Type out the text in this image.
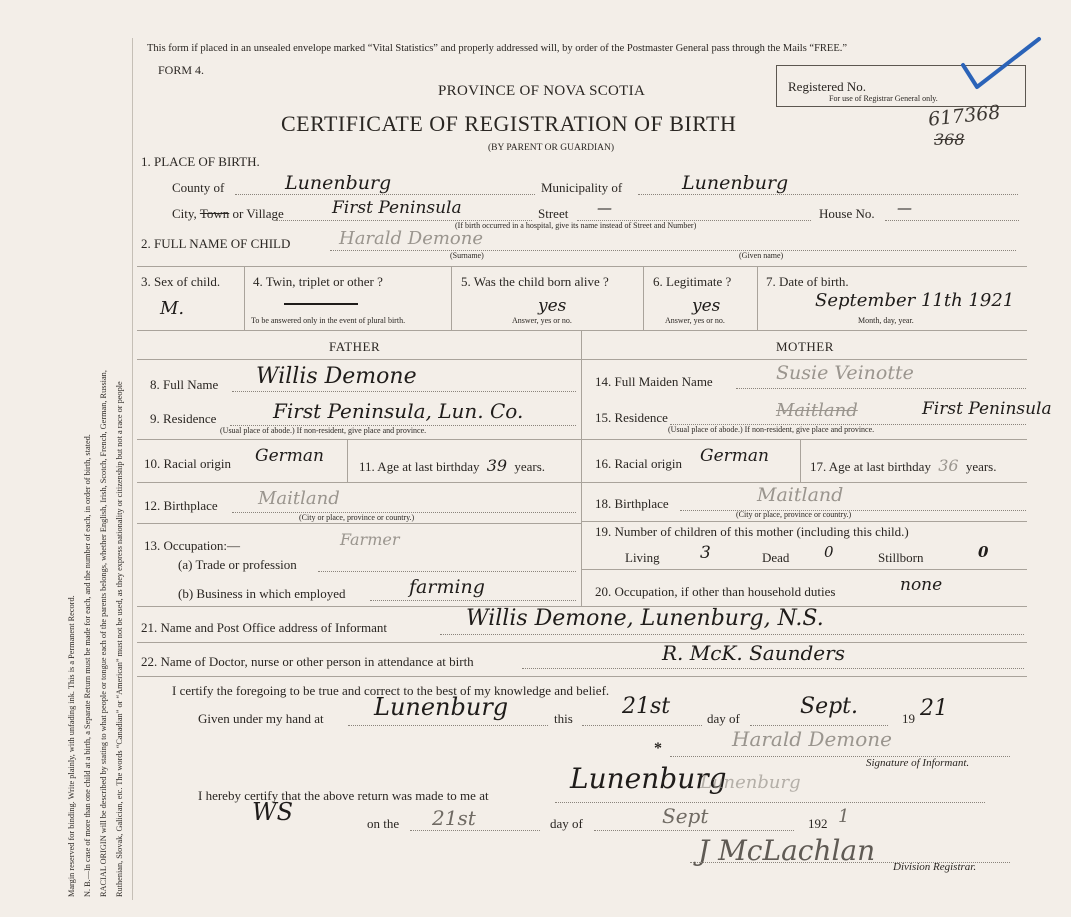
Margin reserved for binding. Write plainly, with unfading ink. This is a Permanent Record. N. B.—In case of more than one child at a birth, a Separate Return must be made for each, and the number of each, in order of birth, stated. RACIAL ORIGIN will be described by stating to what people or tongue each of the parents belongs, whether English, Irish, Scotch, French, German, Russian, Ruthenian, Slovak, Galician, etc. The words “Canadian” or “American” must not be used, as they express nationality or citizenship but not a race or people
This form if placed in an unsealed envelope marked “Vital Statistics” and properly addressed will, by order of the Postmaster General pass through the Mails “FREE.”
FORM 4.
PROVINCE OF NOVA SCOTIA
CERTIFICATE OF REGISTRATION OF BIRTH
(BY PARENT OR GUARDIAN)
Registered No.
For use of Registrar General only.
617368
368
1. PLACE OF BIRTH.
County of	Lunenburg	Municipality of	Lunenburg
City, Town or Village	First Peninsula	Street —
(If birth occurred in a hospital, give its name instead of Street and Number)
House No. —
2. FULL NAME OF CHILD	Harald Demone
(Surname)	(Given name)
3. Sex of child.
M.
4. Twin, triplet or other ?
To be answered only in the event of plural birth.
5. Was the child born alive ?
yes
Answer, yes or no.
6. Legitimate ?
yes
Answer, yes or no.
7. Date of birth.
September 11th 1921
Month, day, year.
FATHER	MOTHER
8. Full Name Willis Demone
9. Residence	First Peninsula, Lun. Co.
(Usual place of abode.) If non-resident, give place and province.
10. Racial origin German
11. Age at last birthday 39 years.
12. Birthplace Maitland
(City or place, province or country.)
13. Occupation:—	Farmer
(a) Trade or profession
(b) Business in which employed	farming
14. Full Maiden Name	Susie Veinotte
15. Residence	Maitland	First Peninsula
(Usual place of abode.) If non-resident, give place and province.
16. Racial origin German
17. Age at last birthday 36 years.
18. Birthplace	Maitland
(City or place, province or country.)
19. Number of children of this mother (including this child.)
Living 3	Dead 0	Stillborn	0
20. Occupation, if other than household duties	none
21. Name and Post Office address of Informant	Willis Demone, Lunenburg, N.S.
22. Name of Doctor, nurse or other person in attendance at birth	R. McK. Saunders
I certify the foregoing to be true and correct to the best of my knowledge and belief.
Given under my hand at Lunenburg	this 21st	day of	Sept.	19 21
*	Harald Demone
Signature of Informant.
I hereby certify that the above return was made to me at
Lunenburg
Lunenburg
WS	on the 21st	day of	Sept	192 1
J McLachlan Division Registrar.
